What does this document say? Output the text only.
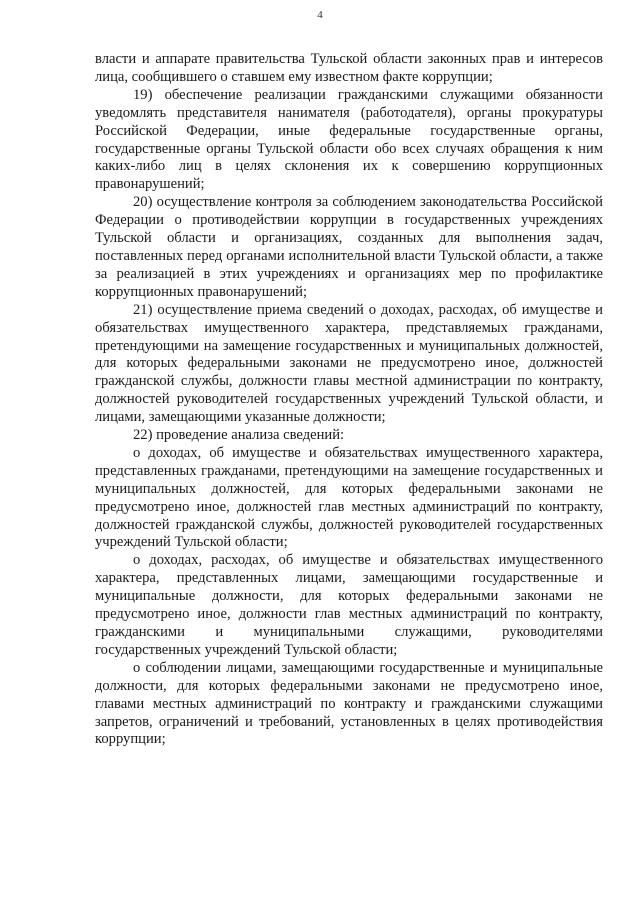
4

власти и аппарате правительства Тульской области законных прав и интересов лица, сообщившего о ставшем ему известном факте коррупции;

19) обеспечение реализации гражданскими служащими обязанности уведомлять представителя нанимателя (работодателя), органы прокуратуры Российской Федерации, иные федеральные государственные органы, государственные органы Тульской области обо всех случаях обращения к ним каких-либо лиц в целях склонения их к совершению коррупционных правонарушений;

20) осуществление контроля за соблюдением законодательства Российской Федерации о противодействии коррупции в государственных учреждениях Тульской области и организациях, созданных для выполнения задач, поставленных перед органами исполнительной власти Тульской области, а также за реализацией в этих учреждениях и организациях мер по профилактике коррупционных правонарушений;

21) осуществление приема сведений о доходах, расходах, об имуществе и обязательствах имущественного характера, представляемых гражданами, претендующими на замещение государственных и муниципальных должностей, для которых федеральными законами не предусмотрено иное, должностей гражданской службы, должности главы местной администрации по контракту, должностей руководителей государственных учреждений Тульской области, и лицами, замещающими указанные должности;

22) проведение анализа сведений:

о доходах, об имуществе и обязательствах имущественного характера, представленных гражданами, претендующими на замещение государственных и муниципальных должностей, для которых федеральными законами не предусмотрено иное, должностей глав местных администраций по контракту, должностей гражданской службы, должностей руководителей государственных учреждений Тульской области;

о доходах, расходах, об имуществе и обязательствах имущественного характера, представленных лицами, замещающими государственные и муниципальные должности, для которых федеральными законами не предусмотрено иное, должности глав местных администраций по контракту, гражданскими и муниципальными служащими, руководителями государственных учреждений Тульской области;

о соблюдении лицами, замещающими государственные и муниципальные должности, для которых федеральными законами не предусмотрено иное, главами местных администраций по контракту и гражданскими служащими запретов, ограничений и требований, установленных в целях противодействия коррупции;
